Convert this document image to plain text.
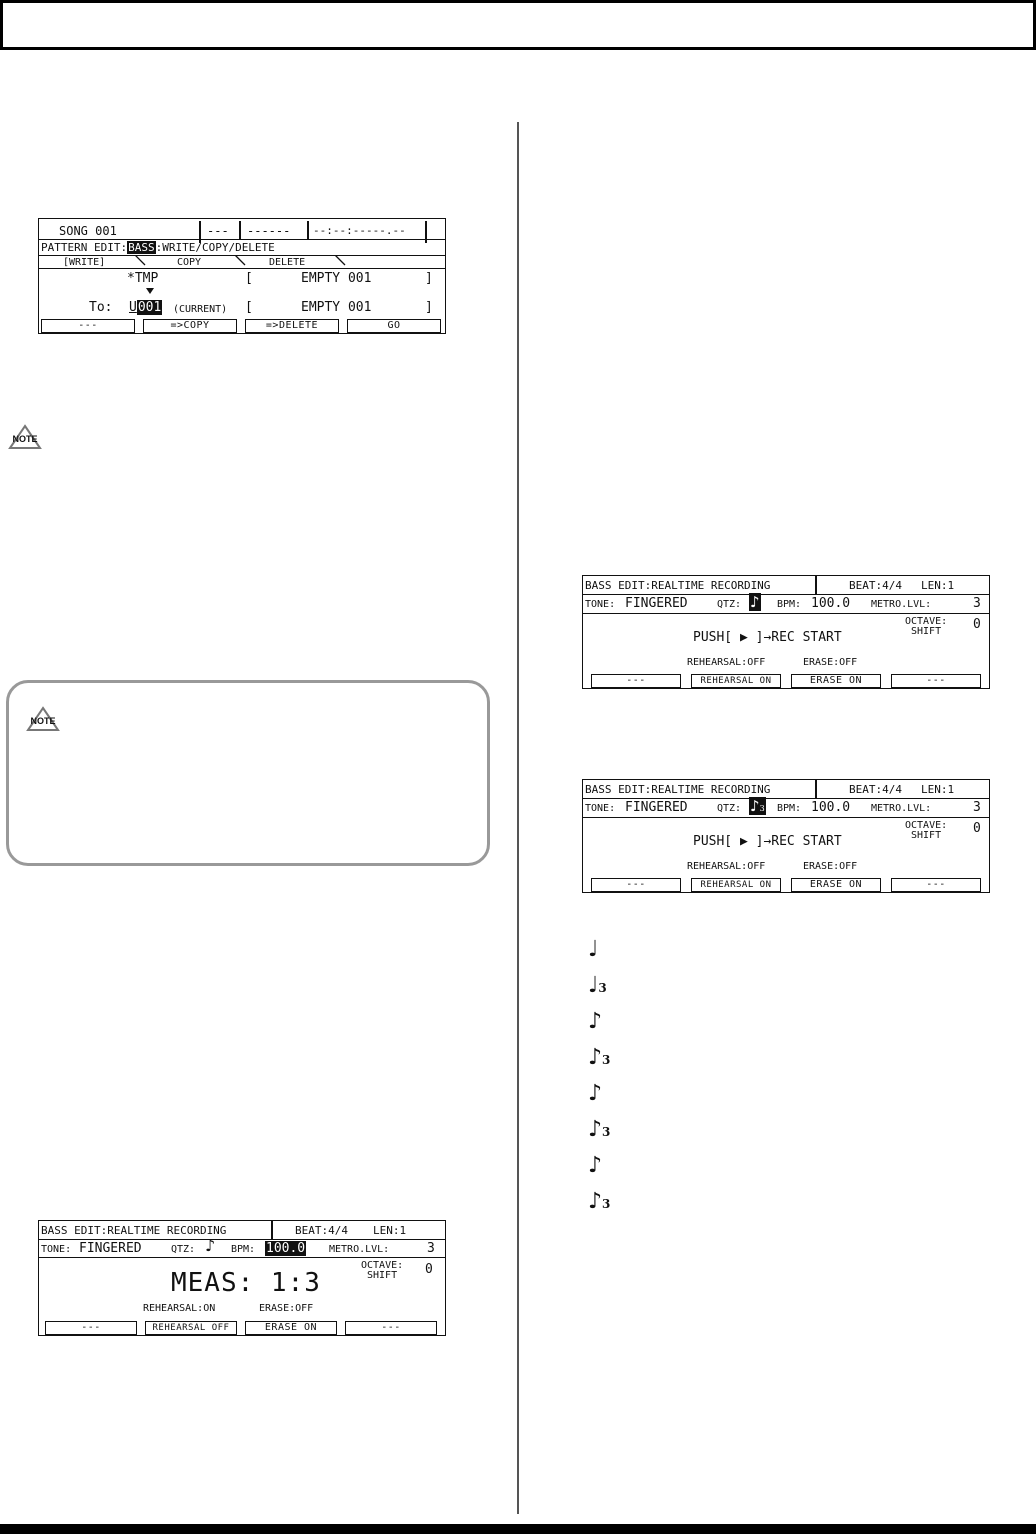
SONG 001	---	------	--:--:-----.--
PATTERN EDIT:BASS:WRITE/COPY/DELETE
[WRITE]	COPY	DELETE
*TMP	[	EMPTY 001	]
To:	U001	(CURRENT)	[	EMPTY 001	]
---	=>COPY	=>DELETE	GO
NOTE
NOTE
BASS EDIT:REALTIME RECORDING	BEAT:4/4	LEN:1
TONE: FINGERED	QTZ: ♪	BPM: 100.0	METRO.LVL:	3
OCTAVE:
SHIFT	0
MEAS: 1:3
REHEARSAL:ON	ERASE:OFF
---	REHEARSAL OFF	ERASE ON	---
BASS EDIT:REALTIME RECORDING	BEAT:4/4	LEN:1
TONE: FINGERED	QTZ: ♪	BPM: 100.0	METRO.LVL:	3
OCTAVE:
SHIFT	0
PUSH[ ▶ ]→REC START
REHEARSAL:OFF	ERASE:OFF
---	REHEARSAL ON	ERASE ON	---
BASS EDIT:REALTIME RECORDING	BEAT:4/4	LEN:1
TONE: FINGERED	QTZ: ♪3	BPM: 100.0	METRO.LVL:	3
OCTAVE:
SHIFT	0
PUSH[ ▶ ]→REC START
REHEARSAL:OFF	ERASE:OFF
---	REHEARSAL ON	ERASE ON	---
♩
♩3
♪
♪3
♪
♪3
♪
♪3
